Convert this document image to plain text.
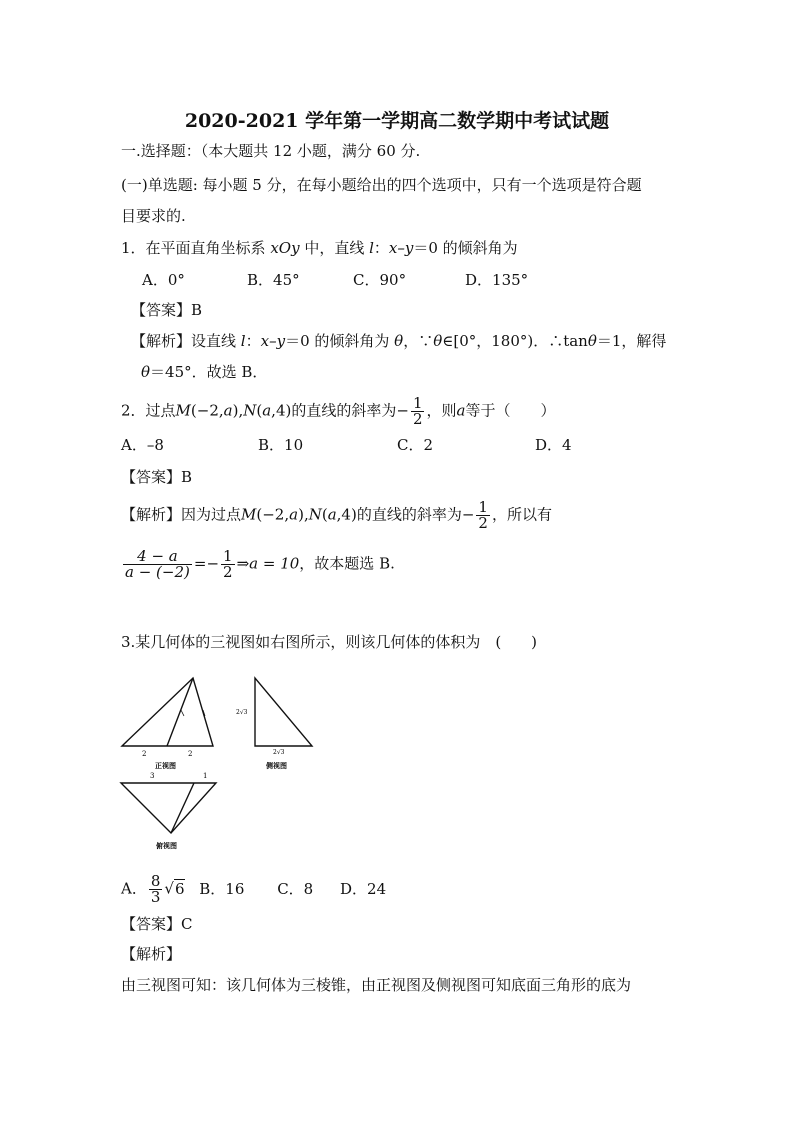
2020-2021 学年第一学期高二数学期中考试试题
一.选择题：（本大题共 12 小题，满分 60 分.
(一)单选题: 每小题 5 分，在每小题给出的四个选项中，只有一个选项是符合题
目要求的.
1．在平面直角坐标系 xOy 中，直线 l：x–y＝0 的倾斜角为
A．0°	B．45°	C．90°	D．135°
【答案】B
【解析】设直线 l：x–y＝0 的倾斜角为 θ，∵θ∈[0°，180°)．∴tanθ＝1，解得
θ＝45°．故选 B．
2．过点M(−2,a),N(a,4)的直线的斜率为− $\frac{1}{2}$ ，则a等于（　　）
A．–8	B．10	C．2	D．4
【答案】B
【解析】因为过点M(−2,a),N(a,4)的直线的斜率为− $\frac{1}{2}$ ，所以有
$\frac{4 - a}{a - (-2)} =- \frac{1}{2}$ ⇒a = 10，故本题选 B.
3.某几何体的三视图如右图所示，则该几何体的体积为　(　　)
2	2
正视图
2√3
2√3
侧视图
3	1
俯视图
A． $\frac{8}{3} √6$ B．16 C．8 D．24
【答案】C
【解析】
由三视图可知：该几何体为三棱锥，由正视图及侧视图可知底面三角形的底为
